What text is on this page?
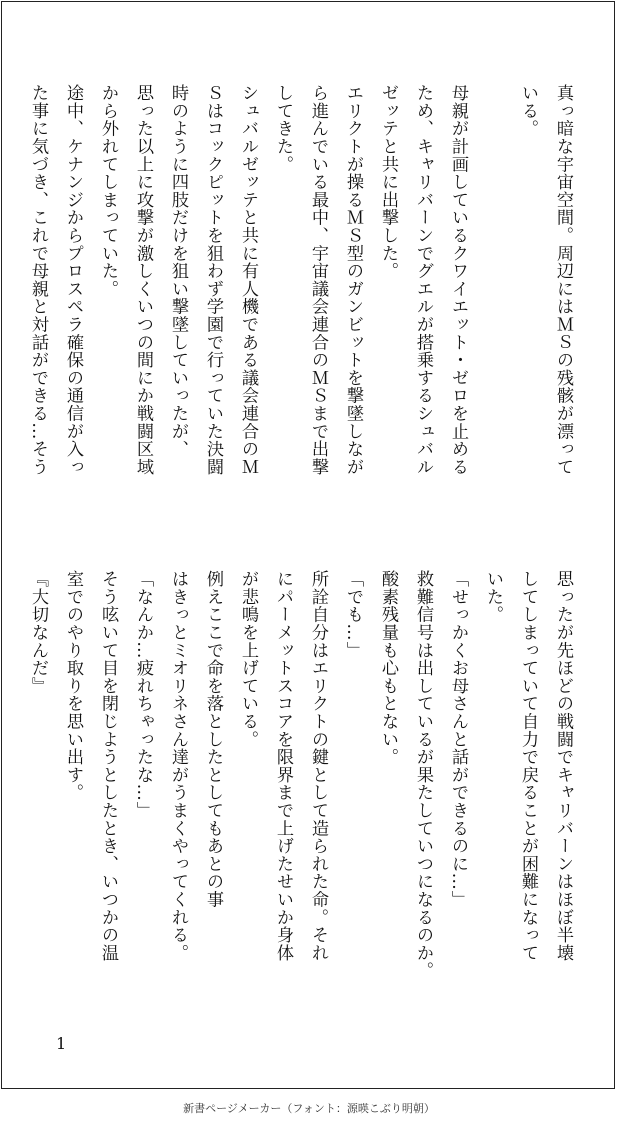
真っ暗な宇宙空間。周辺にはＭＳの残骸が漂って
いる。
母親が計画しているクワイエット・ゼロを止める
ため、キャリバーンでグエルが搭乗するシュバル
ゼッテと共に出撃した。
エリクトが操るＭＳ型のガンビットを撃墜しなが
ら進んでいる最中、宇宙議会連合のＭＳまで出撃
してきた。
シュバルゼッテと共に有人機である議会連合のＭ
Ｓはコックピットを狙わず学園で行っていた決闘
時のように四肢だけを狙い撃墜していったが、
思った以上に攻撃が激しくいつの間にか戦闘区域
から外れてしまっていた。
途中、ケナンジからプロスペラ確保の通信が入っ
た事に気づき、これで母親と対話ができる…そう
思ったが先ほどの戦闘でキャリバーンはほぼ半壊
してしまっていて自力で戻ることが困難になって
いた。
「せっかくお母さんと話ができるのに…」
救難信号は出しているが果たしていつになるのか。
酸素残量も心もとない。
「でも…」
所詮自分はエリクトの鍵として造られた命。それ
にパーメットスコアを限界まで上げたせいか身体
が悲鳴を上げている。
例えここで命を落としたとしてもあとの事
はきっとミオリネさん達がうまくやってくれる。
「なんか…疲れちゃったな…」
そう呟いて目を閉じようとしたとき、いつかの温
室でのやり取りを思い出す。
『大切なんだ』
1
新書ページメーカー（フォント：源暎こぶり明朝）
